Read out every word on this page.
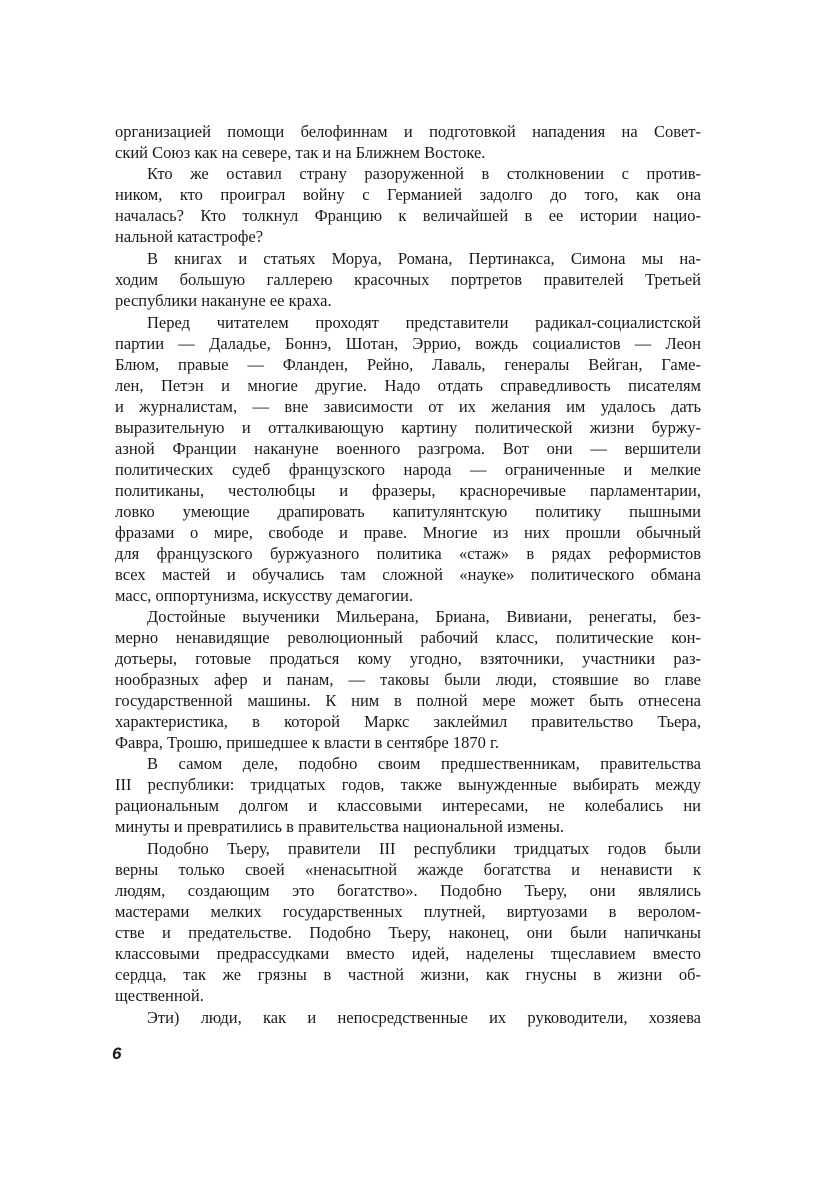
организацией помощи белофиннам и подготовкой нападения на Совет-
ский Союз как на севере, так и на Ближнем Востоке.
Кто же оставил страну разоруженной в столкновении с против-
ником, кто проиграл войну с Германией задолго до того, как она
началась? Кто толкнул Францию к величайшей в ее истории нацио-
нальной катастрофе?
В книгах и статьях Моруа, Романа, Пертинакса, Симона мы на-
ходим большую галлерею красочных портретов правителей Третьей
республики накануне ее краха.
Перед читателем проходят представители радикал-социалистской
партии — Даладье, Боннэ, Шотан, Эррио, вождь социалистов — Леон
Блюм, правые — Фланден, Рейно, Лаваль, генералы Вейган, Гаме-
лен, Петэн и многие другие. Надо отдать справедливость писателям
и журналистам, — вне зависимости от их желания им удалось дать
выразительную и отталкивающую картину политической жизни буржу-
азной Франции накануне военного разгрома. Вот они — вершители
политических судеб французского народа — ограниченные и мелкие
политиканы, честолюбцы и фразеры, красноречивые парламентарии,
ловко умеющие драпировать капитулянтскую политику пышными
фразами о мире, свободе и праве. Многие из них прошли обычный
для французского буржуазного политика «стаж» в рядах реформистов
всех мастей и обучались там сложной «науке» политического обмана
масс, оппортунизма, искусству демагогии.
Достойные выученики Мильерана, Бриана, Вивиани, ренегаты, без-
мерно ненавидящие революционный рабочий класс, политические кон-
дотьеры, готовые продаться кому угодно, взяточники, участники раз-
нообразных афер и панам, — таковы были люди, стоявшие во главе
государственной машины. К ним в полной мере может быть отнесена
характеристика, в которой Маркс заклеймил правительство Тьера,
Фавра, Трошю, пришедшее к власти в сентябре 1870 г.
В самом деле, подобно своим предшественникам, правительства
III республики: тридцатых годов, также вынужденные выбирать между
рациональным долгом и классовыми интересами, не колебались ни
минуты и превратились в правительства национальной измены.
Подобно Тьеру, правители III республики тридцатых годов были
верны только своей «ненасытной жажде богатства и ненависти к
людям, создающим это богатство». Подобно Тьеру, они являлись
мастерами мелких государственных плутней, виртуозами в веролом-
стве и предательстве. Подобно Тьеру, наконец, они были напичканы
классовыми предрассудками вместо идей, наделены тщеславием вместо
сердца, так же грязны в частной жизни, как гнусны в жизни об-
щественной.
Эти) люди, как и непосредственные их руководители, хозяева
6
